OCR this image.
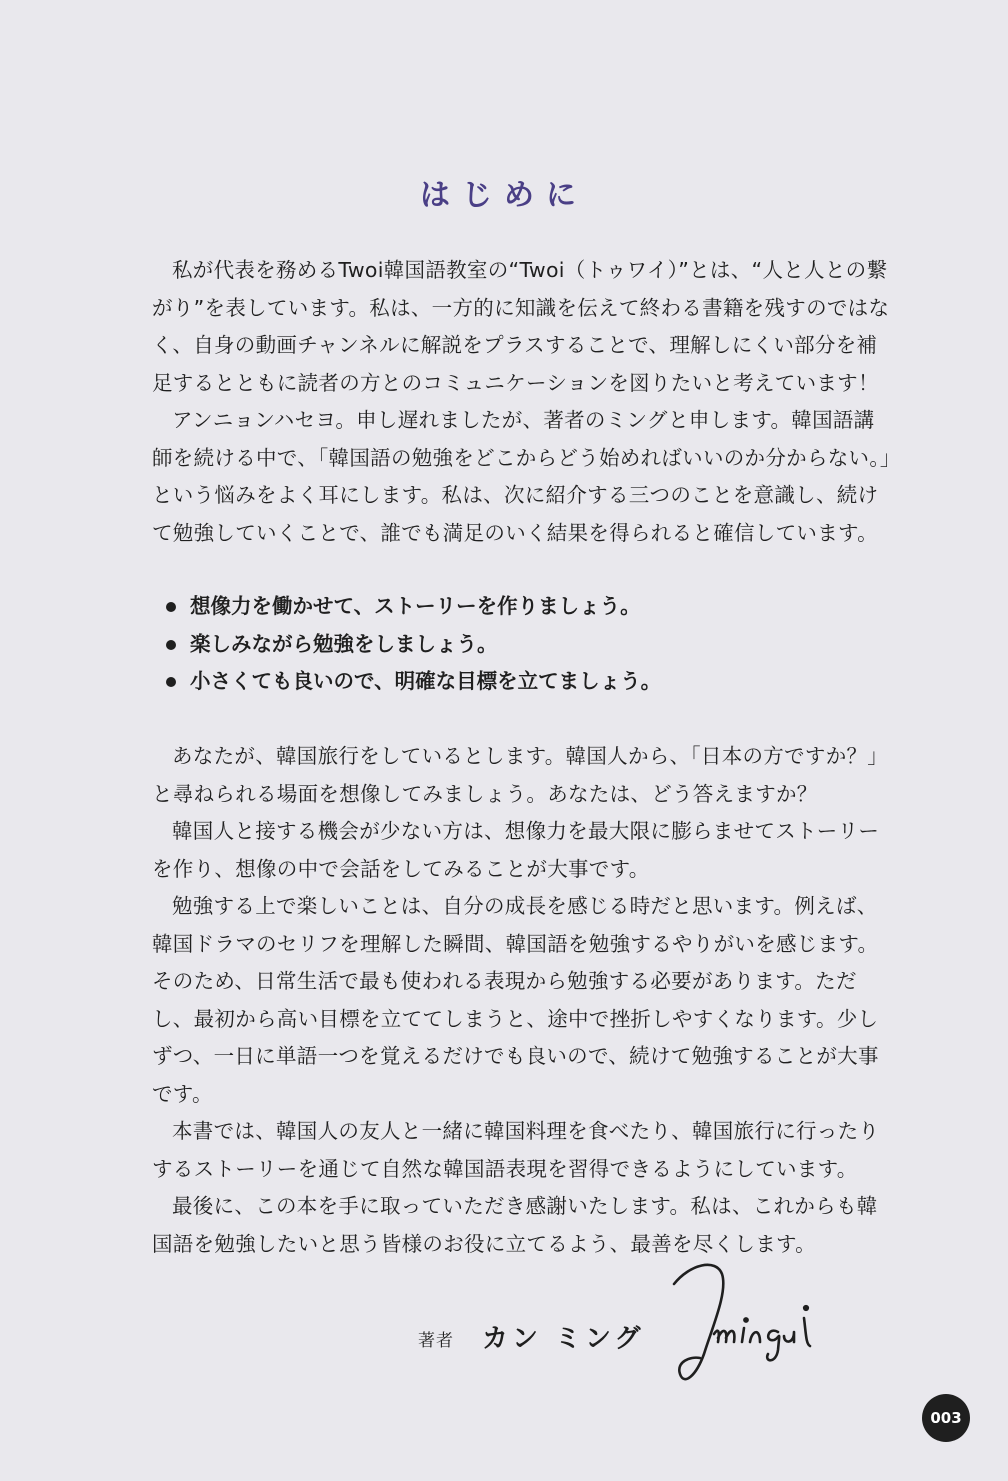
はじめに

私が代表を務めるTwoi韓国語教室の“Twoi（トゥワイ）”とは、“人と人との繋がり”を表しています。私は、一方的に知識を伝えて終わる書籍を残すのではなく、自身の動画チャンネルに解説をプラスすることで、理解しにくい部分を補足するとともに読者の方とのコミュニケーションを図りたいと考えています！

アンニョンハセヨ。申し遅れましたが、著者のミングと申します。韓国語講師を続ける中で、「韓国語の勉強をどこからどう始めればいいのか分からない。」という悩みをよく耳にします。私は、次に紹介する三つのことを意識し、続けて勉強していくことで、誰でも満足のいく結果を得られると確信しています。

想像力を働かせて、ストーリーを作りましょう。
楽しみながら勉強をしましょう。
小さくても良いので、明確な目標を立てましょう。

あなたが、韓国旅行をしているとします。韓国人から、「日本の方ですか？」と尋ねられる場面を想像してみましょう。あなたは、どう答えますか？

韓国人と接する機会が少ない方は、想像力を最大限に膨らませてストーリーを作り、想像の中で会話をしてみることが大事です。

勉強する上で楽しいことは、自分の成長を感じる時だと思います。例えば、韓国ドラマのセリフを理解した瞬間、韓国語を勉強するやりがいを感じます。そのため、日常生活で最も使われる表現から勉強する必要があります。ただし、最初から高い目標を立ててしまうと、途中で挫折しやすくなります。少しずつ、一日に単語一つを覚えるだけでも良いので、続けて勉強することが大事です。

本書では、韓国人の友人と一緒に韓国料理を食べたり、韓国旅行に行ったりするストーリーを通じて自然な韓国語表現を習得できるようにしています。

最後に、この本を手に取っていただき感謝いたします。私は、これからも韓国語を勉強したいと思う皆様のお役に立てるよう、最善を尽くします。

著者 カン ミング
003
